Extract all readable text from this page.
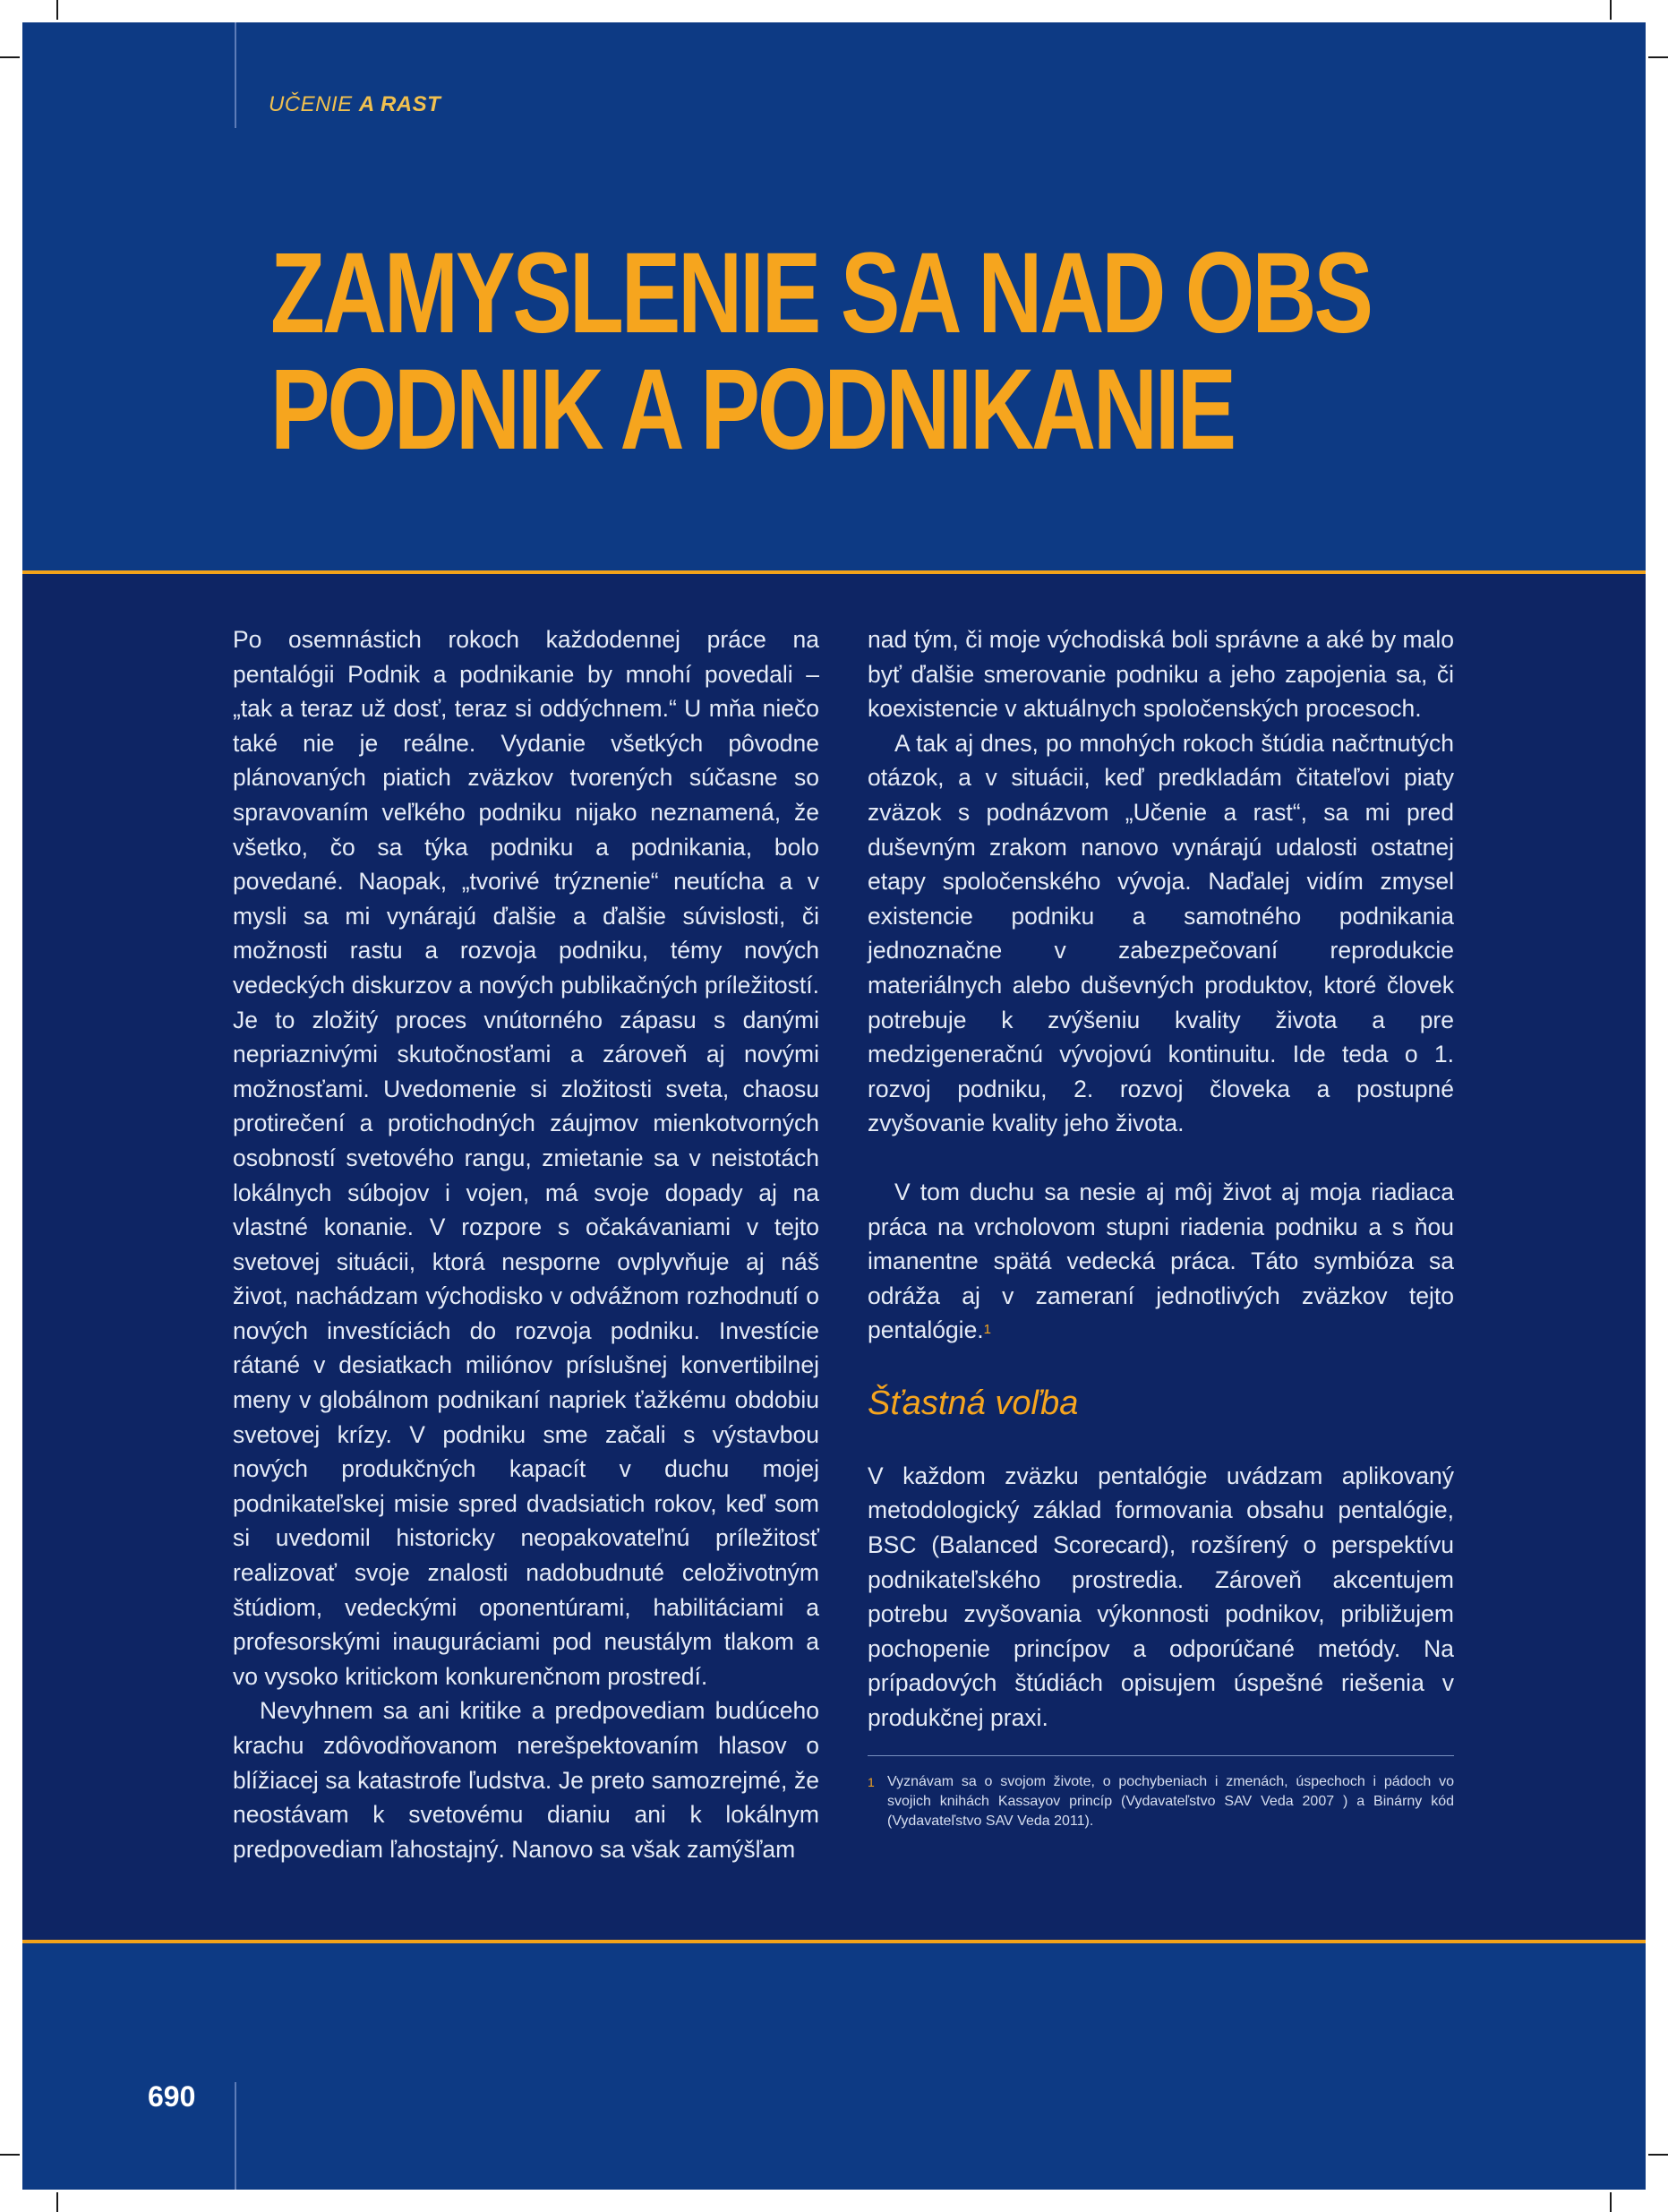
UČENIE A RAST
ZAMYSLENIE SA NAD OBS
PODNIK A PODNIKANIE

Po osemnástich rokoch každodennej práce na pentalógii Podnik a podnikanie by mnohí povedali – „tak a teraz už dosť, teraz si oddýchnem.“ U mňa niečo také nie je reálne. Vydanie všetkých pôvodne plánovaných piatich zväzkov tvorených súčasne so spravovaním veľkého podniku nijako neznamená, že všetko, čo sa týka podniku a podnikania, bolo povedané. Naopak, „tvorivé trýznenie“ neutícha a v mysli sa mi vynárajú ďalšie a ďalšie súvislosti, či možnosti rastu a rozvoja podniku, témy nových vedeckých diskurzov a nových publikačných príležitostí. Je to zložitý proces vnútorného zápasu s danými nepriaznivými skutočnosťami a zároveň aj novými možnosťami. Uvedomenie si zložitosti sveta, chaosu protirečení a protichodných záujmov mienkotvorných osobností svetového rangu, zmietanie sa v neistotách lokálnych súbojov i vojen, má svoje dopady aj na vlastné konanie. V rozpore s očakávaniami v tejto svetovej situácii, ktorá nesporne ovplyvňuje aj náš život, nachádzam východisko v odvážnom rozhodnutí o nových investíciách do rozvoja podniku. Investície rátané v desiatkach miliónov príslušnej konvertibilnej meny v globálnom podnikaní napriek ťažkému obdobiu svetovej krízy. V podniku sme začali s výstavbou nových produkčných kapacít v duchu mojej podnikateľskej misie spred dvadsiatich rokov, keď som si uvedomil historicky neopakovateľnú príležitosť realizovať svoje znalosti nadobudnuté celoživotným štúdiom, vedeckými oponentúrami, habilitáciami a profesorskými inauguráciami pod neustálym tlakom a vo vysoko kritickom konkurenčnom prostredí.

Nevyhnem sa ani kritike a predpovediam budúceho krachu zdôvodňovanom nerešpektovaním hlasov o blížiacej sa katastrofe ľudstva. Je preto samozrejmé, že neostávam k svetovému dianiu ani k lokálnym predpovediam ľahostajný. Nanovo sa však zamýšľam

nad tým, či moje východiská boli správne a aké by malo byť ďalšie smerovanie podniku a jeho zapojenia sa, či koexistencie v aktuálnych spoločenských procesoch.

A tak aj dnes, po mnohých rokoch štúdia načrtnutých otázok, a v situácii, keď predkladám čitateľovi piaty zväzok s podnázvom „Učenie a rast“, sa mi pred duševným zrakom nanovo vynárajú udalosti ostatnej etapy spoločenského vývoja. Naďalej vidím zmysel existencie podniku a samotného podnikania jednoznačne v zabezpečovaní reprodukcie materiálnych alebo duševných produktov, ktoré človek potrebuje k zvýšeniu kvality života a pre medzigeneračnú vývojovú kontinuitu. Ide teda o 1. rozvoj podniku, 2. rozvoj človeka a postupné zvyšovanie kvality jeho života.

V tom duchu sa nesie aj môj život aj moja riadiaca práca na vrcholovom stupni riadenia podniku a s ňou imanentne spätá vedecká práca. Táto symbióza sa odráža aj v zameraní jednotlivých zväzkov tejto pentalógie.$^1$

Šťastná voľba

V každom zväzku pentalógie uvádzam aplikovaný metodologický základ formovania obsahu pentalógie, BSC (Balanced Scorecard), rozšírený o perspektívu podnikateľského prostredia. Zároveň akcentujem potrebu zvyšovania výkonnosti podnikov, približujem pochopenie princípov a odporúčané metódy. Na prípadových štúdiách opisujem úspešné riešenia v produkčnej praxi.

1 Vyznávam sa o svojom živote, o pochybeniach i zmenách, úspechoch i pádoch vo svojich knihách Kassayov princíp (Vydavateľstvo SAV Veda 2007 ) a Binárny kód (Vydavateľstvo SAV Veda 2011).
690
